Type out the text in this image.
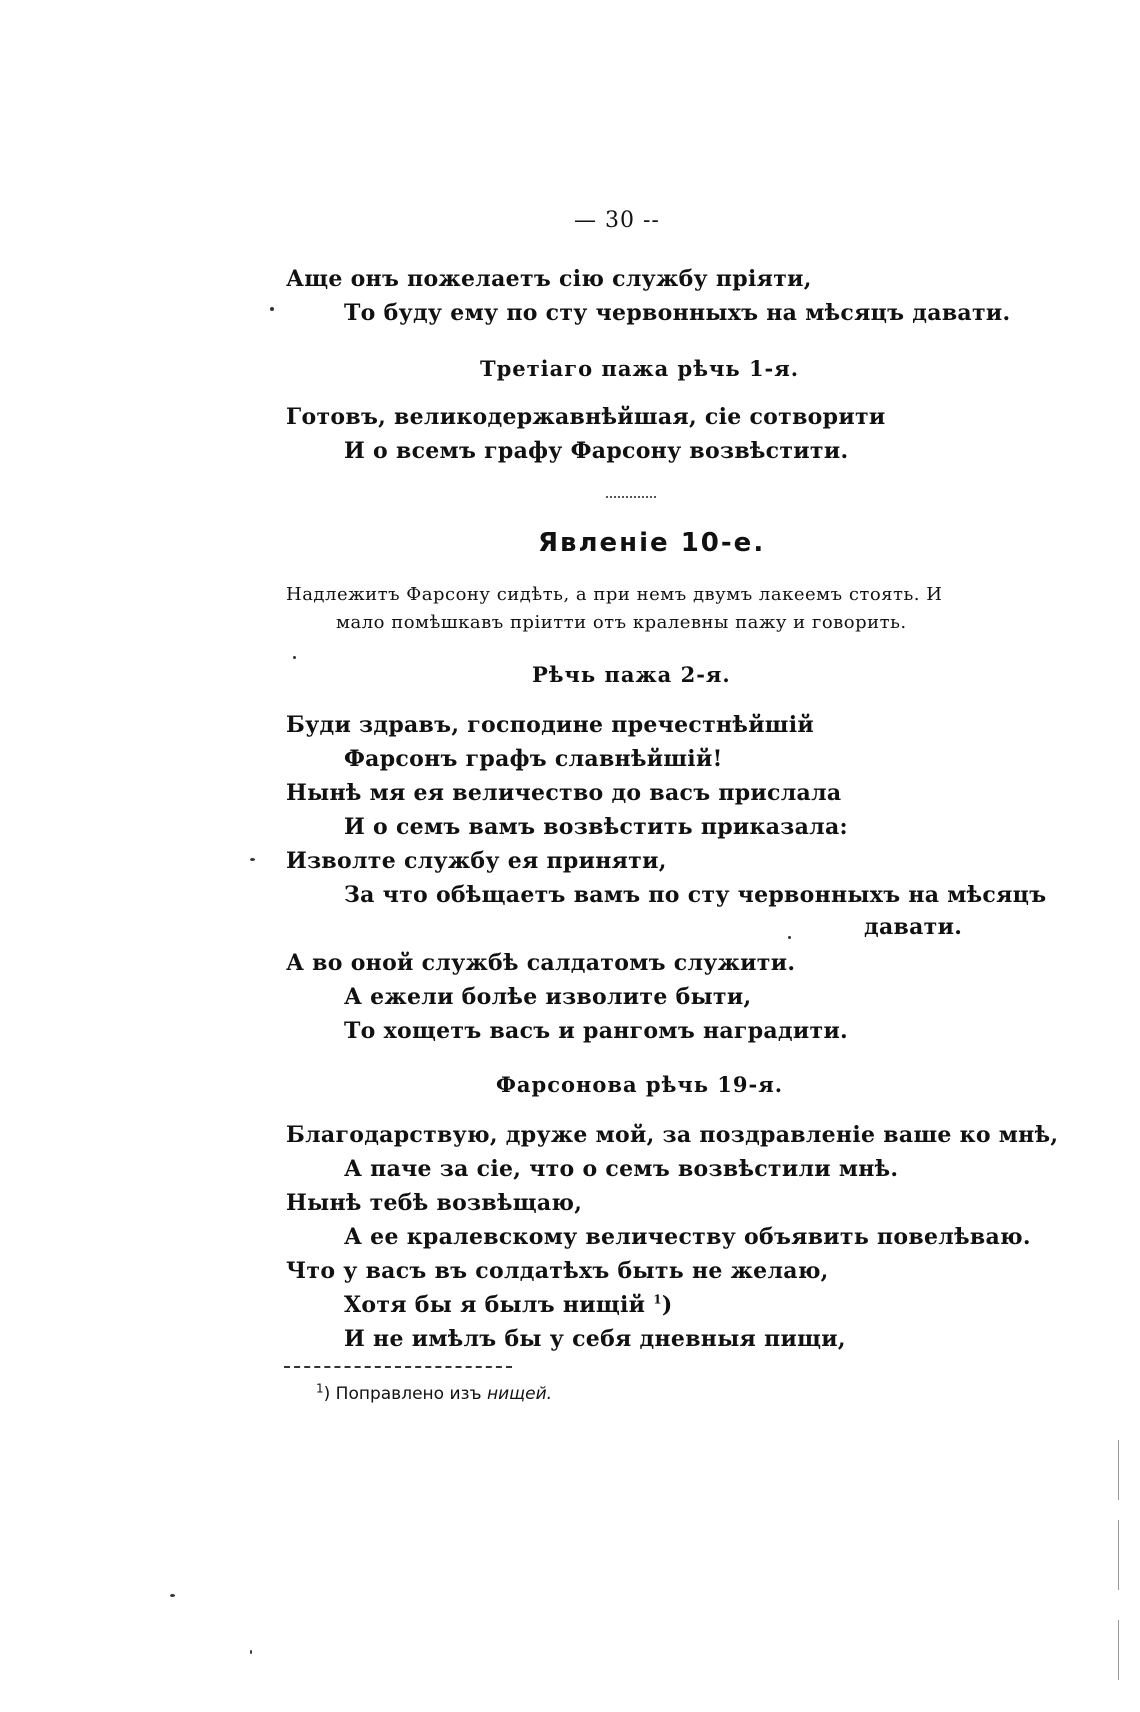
— 30 --
Аще онъ пожелаетъ сiю службу прiяти,
То буду ему по сту червонныхъ на мѣсяцъ давати.
Третiаго пажа рѣчь 1-я.
Готовъ, великодержавнѣйшая, сiе сотворити
И о всемъ графу Фарсону возвѣстити.
Явленie 10-е.
Надлежитъ Фарсону сидѣть, а при немъ двумъ лакеемъ стоять. И
мало помѣшкавъ прiитти отъ кралевны пажу и говорить.
Рѣчь пажа 2-я.
Буди здравъ, господине пречестнѣйшiй
Фарсонъ графъ славнѣйшiй!
Нынѣ мя ея величество до васъ прислала
И о семъ вамъ возвѣстить приказала:
Изволте службу ея приняти,
За что обѣщаетъ вамъ по сту червонныхъ на мѣсяцъ
давати.
А во оной службѣ салдатомъ служити.
А ежели болѣе изволите быти,
То хощетъ васъ и рангомъ наградити.
Фарсонова рѣчь 19-я.
Благодарствую, друже мой, за поздравленie ваше ко мнѣ,
А паче за сiе, что о семъ возвѣстили мнѣ.
Нынѣ тебѣ возвѣщаю,
А ее кралевскому величеству объявить повелѣваю.
Что у васъ въ солдатѣхъ быть не желаю,
Хотя бы я былъ нищiй $^1$)
И не имѣлъ бы у себя дневныя пищи,
$^1$) Поправлено изъ нищей.
